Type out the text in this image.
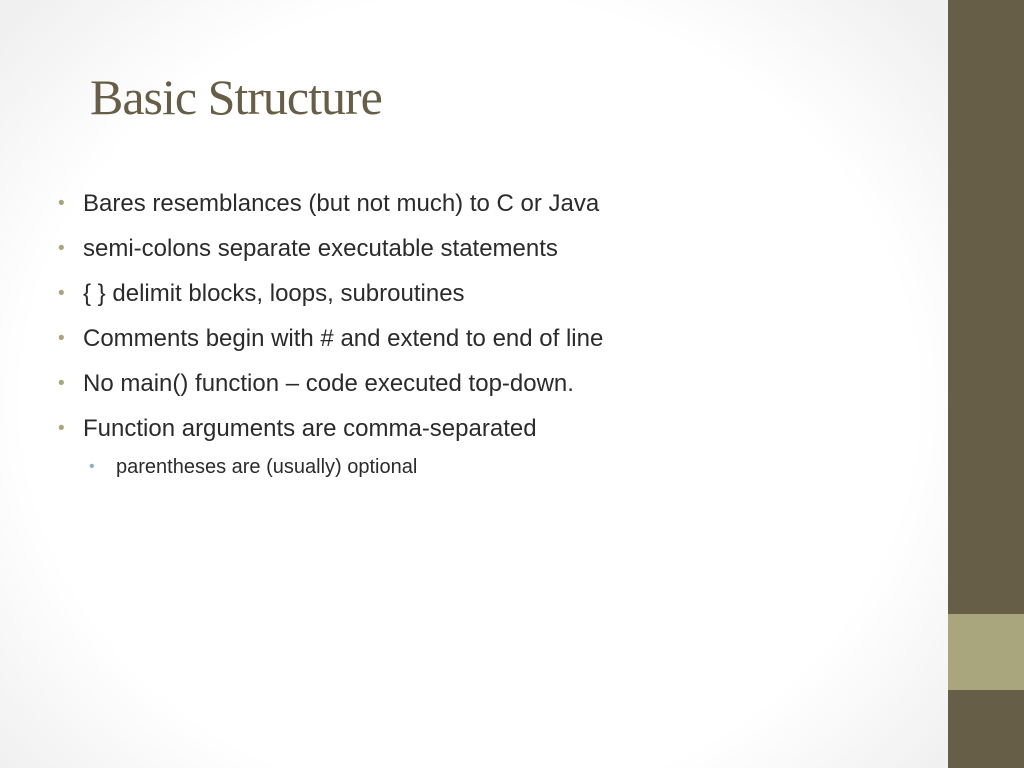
Basic Structure
• Bares resemblances (but not much) to C or Java
• semi-colons separate executable statements
• { } delimit blocks, loops, subroutines
• Comments begin with # and extend to end of line
• No main() function – code executed top-down.
• Function arguments are comma-separated
• parentheses are (usually) optional
